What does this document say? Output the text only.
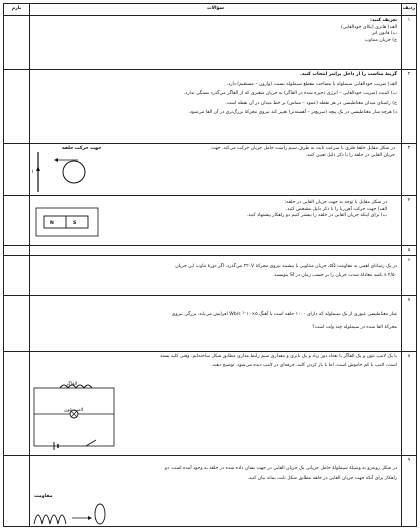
ردیف
سؤالات
بارم
۱
تعریف کنید:
الف) هانری (یکای خودالقایی)
ب) قانون لنز
ج) جریان متناوب
۲
گزینهٔ مناسب را از داخل پرانتز انتخاب کنید.
الف) ضریب خودالقایی سیملوله با مساحت مقطع سیملوله نسبت (وارون – مستقیم) دارد.
ب) کمیت (ضریب خودالقایی – انرژی ذخیره شده در القاگر) به جریان متغیری که از القاگر می‌گذرد بستگی ندارد.
ج) راستای میدان مغناطیسی در هر نقطه (عمود – مماس) بر خط میدان در آن نقطه است.
د) هرچه شار مغناطیسی در یک پیچه (سریع‌تر – آهسته‌تر) تغییر کند نیروی محرکهٔ بزرگ‌تری در آن القا می‌شود.
۳
در شکل مقابل حلقهٔ فلزی با سرعت ثابت به طرف سیم راست حامل جریان حرکت می‌کند. جهت
جریان القایی در حلقه را با ذکر دلیل تعیین کنید.
جهت حرکت حلقه
I
۴
در شکل مقابل با توجه به جهت جریان القایی در حلقه:
الف) جهت حرکت آهن‌ربا را با ذکر دلیل مشخص کنید.
ب) برای اینکه جریان القایی در حلقه را بیشتر کنیم دو راهکار پیشنهاد کنید.
N	S
۵
۶
در یک رسانای اهمی به مقاومت ۵Ω، جریان متناوبی با بیشینه نیروی محرکهٔ ۲۲۰V می‌گذرد. اگر دورهٔ تناوب این جریان
۲/۵۰ s باشد معادلهٔ شدت جریان را بر حسب زمان در SI بنویسید.
۷
شار مغناطیسی عبوری از یک سیملوله که دارای ۱۰۰۰ حلقه است با آهنگ ۵×۱۰⁻³ Wb/s افزایش می‌یابد. بزرگی نیروی
محرکهٔ القا شده در سیملوله چند ولت است؟
۸
با یک لامپ نئون و یک القاگر با تعداد دور زیاد و یک باتری و مقداری سیم رابط مداری مطابق شکل ساخته‌ایم. وقتی کلید بسته
است، لامپ یا کم خاموش است، اما با باز کردن کلید، جرقه‌ای در لامپ دیده می‌شود. توضیح دهید.
القاگر
لامپ نئون
۹
در شکل روبه‌رو به وسیلهٔ سیملولهٔ حامل جریانی یک جریان القایی در جهت نشان داده شده در حلقه به وجود آمده است. دو
راهکار برای آنکه جهت جریان القایی در حلقه مطابق شکل ثابت بماند بیان کنید.
مقاومت
